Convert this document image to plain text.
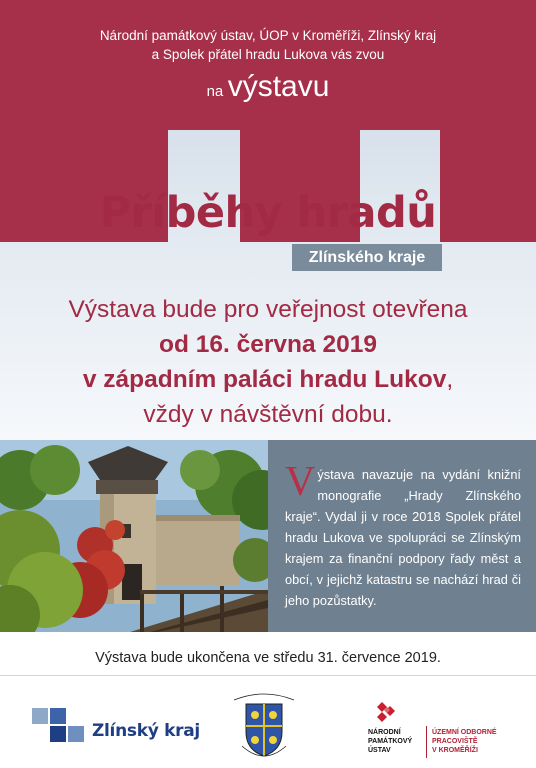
Národní památkový ústav, ÚOP v Kroměříži, Zlínský kraj
a Spolek přátel hradu Lukova vás zvou
na výstavu
Příběhy hradů
Zlínského kraje
Výstava bude pro veřejnost otevřena
od 16. června 2019
v západním paláci hradu Lukov,
vždy v návštěvní dobu.
Výstava navazuje na vydání knižní monografie „Hrady Zlínského kraje“. Vydal ji v roce 2018 Spolek přátel hradu Lukova ve spolupráci se Zlínským krajem za finanční podpory řady měst a obcí, v jejichž katastru se nachází hrad či jeho pozůstatky.
Výstava bude ukončena ve středu 31. července 2019.
Zlínský kraj	NÁRODNÍ
PAMÁTKOVÝ
ÚSTAV
ÚZEMNÍ ODBORNÉ
PRACOVIŠTĚ
V KROMĚŘÍŽI
